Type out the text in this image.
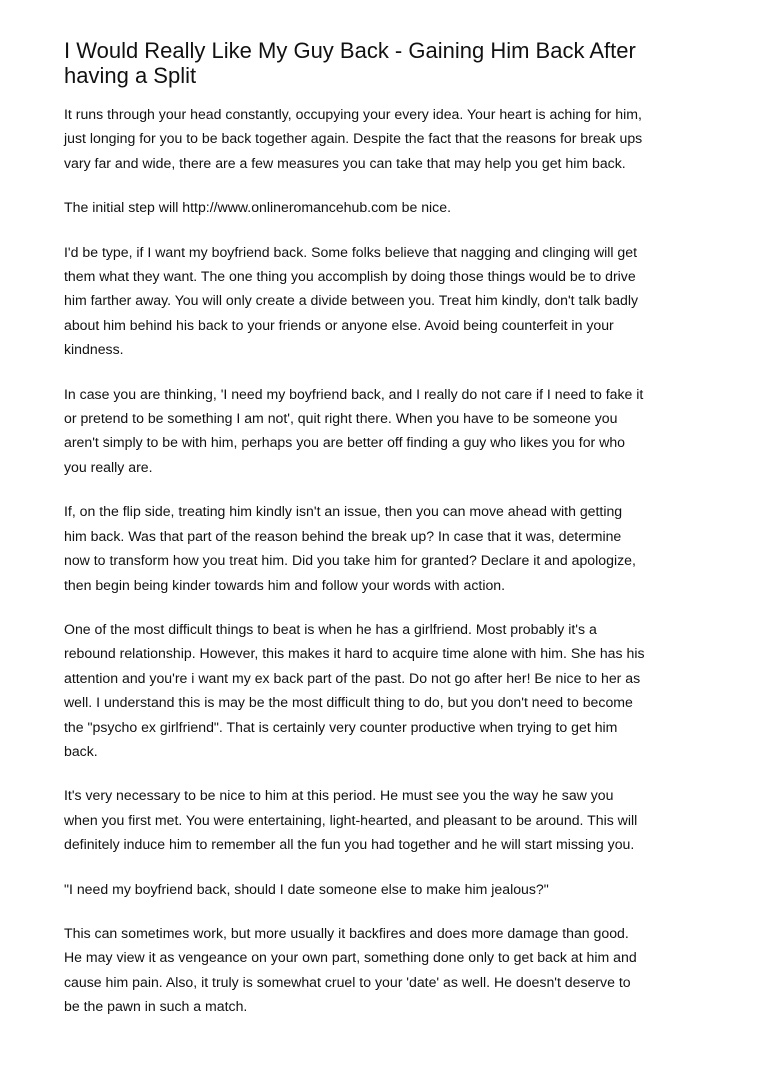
I Would Really Like My Guy Back - Gaining Him Back After
having a Split

It runs through your head constantly, occupying your every idea. Your heart is aching for him,
just longing for you to be back together again. Despite the fact that the reasons for break ups
vary far and wide, there are a few measures you can take that may help you get him back.

The initial step will http://www.onlineromancehub.com be nice.

I'd be type, if I want my boyfriend back. Some folks believe that nagging and clinging will get
them what they want. The one thing you accomplish by doing those things would be to drive
him farther away. You will only create a divide between you. Treat him kindly, don't talk badly
about him behind his back to your friends or anyone else. Avoid being counterfeit in your
kindness.

In case you are thinking, 'I need my boyfriend back, and I really do not care if I need to fake it
or pretend to be something I am not', quit right there. When you have to be someone you
aren't simply to be with him, perhaps you are better off finding a guy who likes you for who
you really are.

If, on the flip side, treating him kindly isn't an issue, then you can move ahead with getting
him back. Was that part of the reason behind the break up? In case that it was, determine
now to transform how you treat him. Did you take him for granted? Declare it and apologize,
then begin being kinder towards him and follow your words with action.

One of the most difficult things to beat is when he has a girlfriend. Most probably it's a
rebound relationship. However, this makes it hard to acquire time alone with him. She has his
attention and you're i want my ex back part of the past. Do not go after her! Be nice to her as
well. I understand this is may be the most difficult thing to do, but you don't need to become
the "psycho ex girlfriend". That is certainly very counter productive when trying to get him
back.

It's very necessary to be nice to him at this period. He must see you the way he saw you
when you first met. You were entertaining, light-hearted, and pleasant to be around. This will
definitely induce him to remember all the fun you had together and he will start missing you.

"I need my boyfriend back, should I date someone else to make him jealous?"

This can sometimes work, but more usually it backfires and does more damage than good.
He may view it as vengeance on your own part, something done only to get back at him and
cause him pain. Also, it truly is somewhat cruel to your 'date' as well. He doesn't deserve to
be the pawn in such a match.
